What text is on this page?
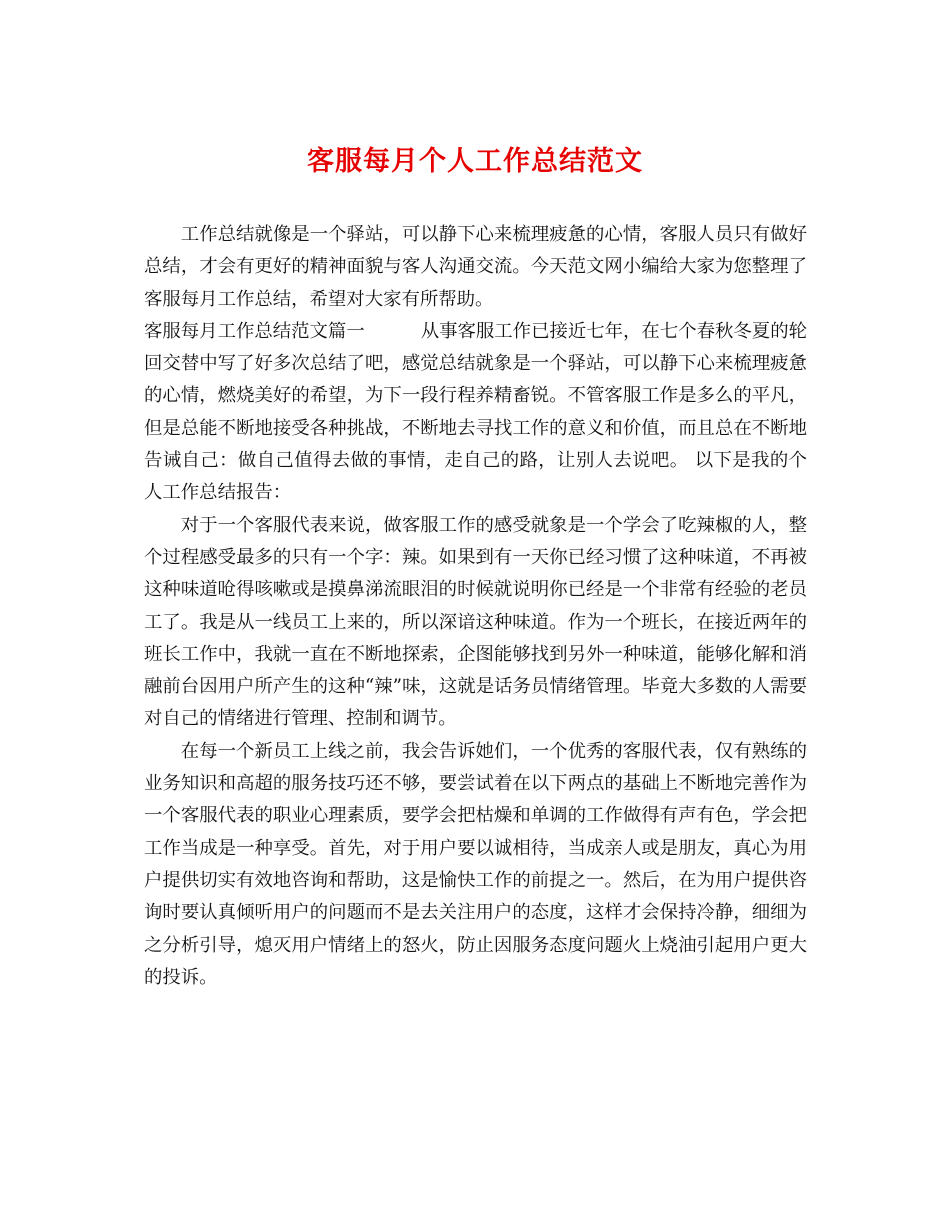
客服每月个人工作总结范文

工作总结就像是一个驿站，可以静下心来梳理疲惫的心情，客服人员只有做好总结，才会有更好的精神面貌与客人沟通交流。今天范文网小编给大家为您整理了客服每月工作总结，希望对大家有所帮助。

客服每月工作总结范文篇一	从事客服工作已接近七年，在七个春秋冬夏的轮回交替中写了好多次总结了吧，感觉总结就象是一个驿站，可以静下心来梳理疲惫的心情，燃烧美好的希望，为下一段行程养精畜锐。不管客服工作是多么的平凡，但是总能不断地接受各种挑战，不断地去寻找工作的意义和价值，而且总在不断地告诫自己：做自己值得去做的事情，走自己的路，让别人去说吧。 以下是我的个人工作总结报告：

对于一个客服代表来说，做客服工作的感受就象是一个学会了吃辣椒的人，整个过程感受最多的只有一个字：辣。如果到有一天你已经习惯了这种味道，不再被这种味道呛得咳嗽或是摸鼻涕流眼泪的时候就说明你已经是一个非常有经验的老员工了。我是从一线员工上来的，所以深谙这种味道。作为一个班长，在接近两年的班长工作中，我就一直在不断地探索，企图能够找到另外一种味道，能够化解和消融前台因用户所产生的这种“辣”味，这就是话务员情绪管理。毕竟大多数的人需要对自己的情绪进行管理、控制和调节。

在每一个新员工上线之前，我会告诉她们，一个优秀的客服代表，仅有熟练的业务知识和高超的服务技巧还不够，要尝试着在以下两点的基础上不断地完善作为一个客服代表的职业心理素质，要学会把枯燥和单调的工作做得有声有色，学会把工作当成是一种享受。首先，对于用户要以诚相待，当成亲人或是朋友，真心为用户提供切实有效地咨询和帮助，这是愉快工作的前提之一。然后，在为用户提供咨询时要认真倾听用户的问题而不是去关注用户的态度，这样才会保持冷静，细细为之分析引导，熄灭用户情绪上的怒火，防止因服务态度问题火上烧油引起用户更大的投诉。
